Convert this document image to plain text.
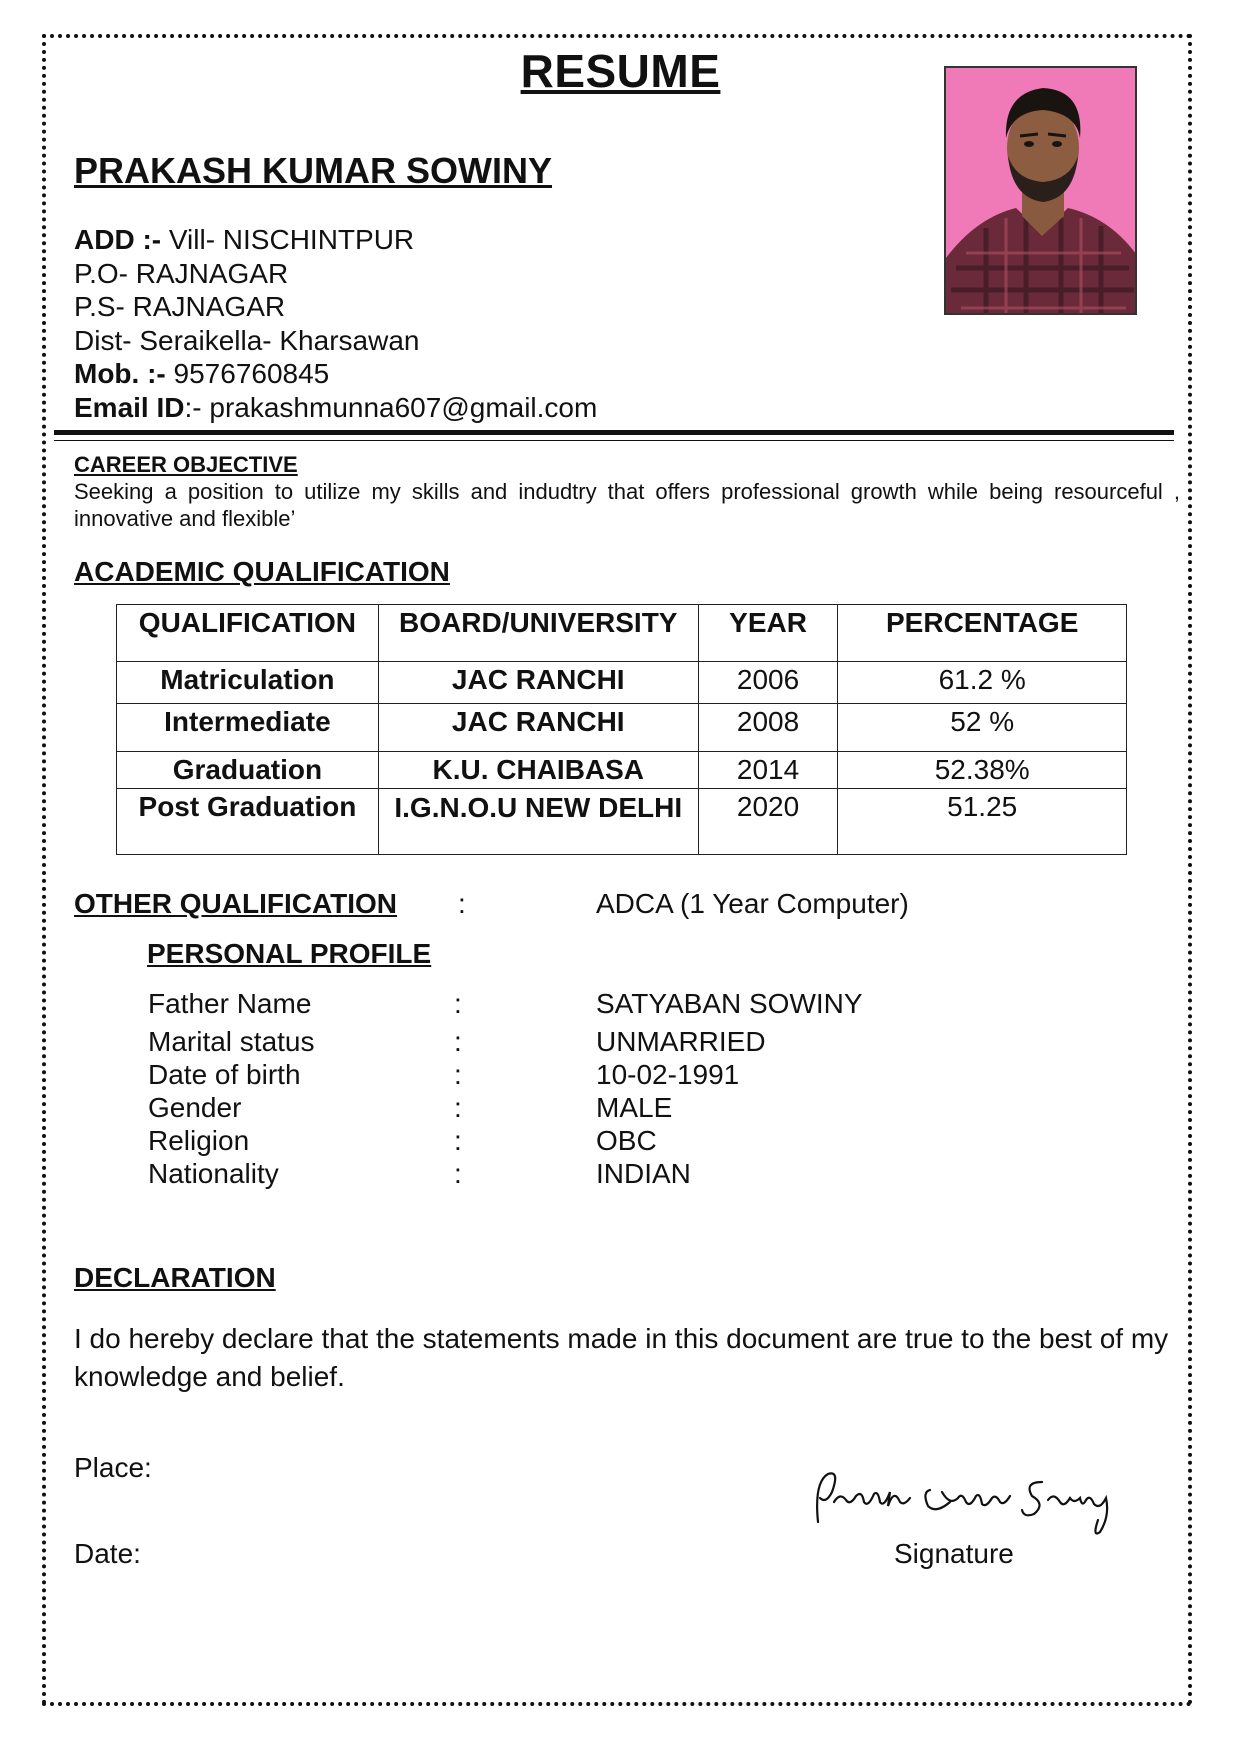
RESUME
PRAKASH KUMAR SOWINY
ADD :- Vill- NISCHINTPUR
P.O- RAJNAGAR
P.S- RAJNAGAR
Dist- Seraikella- Kharsawan
Mob. :- 9576760845
Email ID:- prakashmunna607@gmail.com
CAREER OBJECTIVE
Seeking a position to utilize my skills and indudtry that offers professional growth while being resourceful , innovative and flexible’
ACADEMIC QUALIFICATION
QUALIFICATION	BOARD/UNIVERSITY	YEAR	PERCENTAGE
Matriculation	JAC RANCHI	2006	61.2 %
Intermediate	JAC RANCHI	2008	52 %
Graduation	K.U. CHAIBASA	2014	52.38%
Post Graduation	I.G.N.O.U NEW DELHI	2020	51.25
OTHER QUALIFICATION :	ADCA (1 Year Computer)
PERSONAL PROFILE
Father Name	:	SATYABAN SOWINY
Marital status	:	UNMARRIED
Date of birth	:	10-02-1991
Gender	:	MALE
Religion	:	OBC
Nationality	:	INDIAN
DECLARATION
I do hereby declare that the statements made in this document are true to the best of my knowledge and belief.
Place:
Date:	Signature
